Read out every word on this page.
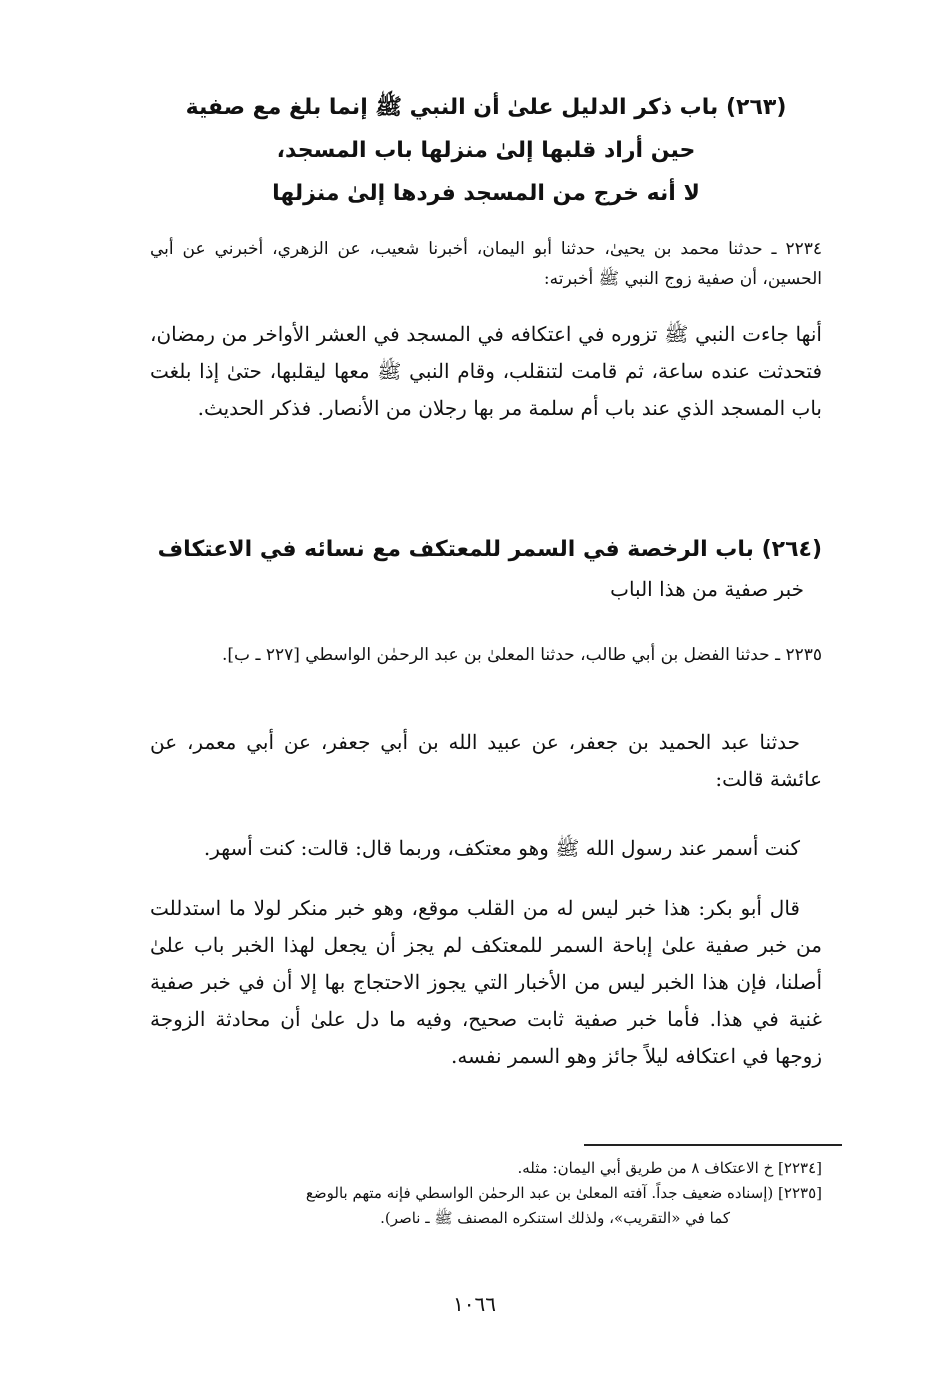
(٢٦٣) باب ذكر الدليل علىٰ أن النبي ﷺ إنما بلغ مع صفية

حين أراد قلبها إلىٰ منزلها باب المسجد،

لا أنه خرج من المسجد فردها إلىٰ منزلها

٢٢٣٤ ـ حدثنا محمد بن يحيىٰ، حدثنا أبو اليمان، أخبرنا شعيب، عن الزهري، أخبرني عن أبي الحسين، أن صفية زوج النبي ﷺ أخبرته:

أنها جاءت النبي ﷺ تزوره في اعتكافه في المسجد في العشر الأواخر من رمضان، فتحدثت عنده ساعة، ثم قامت لتنقلب، وقام النبي ﷺ معها ليقلبها، حتىٰ إذا بلغت باب المسجد الذي عند باب أم سلمة مر بها رجلان من الأنصار. فذكر الحديث.

(٢٦٤) باب الرخصة في السمر للمعتكف مع نسائه في الاعتكاف

خبر صفية من هذا الباب

٢٢٣٥ ـ حدثنا الفضل بن أبي طالب، حدثنا المعلىٰ بن عبد الرحمٰن الواسطي [٢٢٧ ـ ب].

حدثنا عبد الحميد بن جعفر، عن عبيد الله بن أبي جعفر، عن أبي معمر، عن عائشة قالت:

كنت أسمر عند رسول الله ﷺ وهو معتكف، وربما قال: قالت: كنت أسهر.

قال أبو بكر: هذا خبر ليس له من القلب موقع، وهو خبر منكر لولا ما استدللت من خبر صفية علىٰ إباحة السمر للمعتكف لم يجز أن يجعل لهذا الخبر باب علىٰ أصلنا، فإن هذا الخبر ليس من الأخبار التي يجوز الاحتجاج بها إلا أن في خبر صفية غنية في هذا. فأما خبر صفية ثابت صحيح، وفيه ما دل علىٰ أن محادثة الزوجة زوجها في اعتكافه ليلاً جائز وهو السمر نفسه.

[٢٢٣٤] خ الاعتكاف ٨ من طريق أبي اليمان: مثله.

[٢٢٣٥] (إسناده ضعيف جداً. آفته المعلىٰ بن عبد الرحمٰن الواسطي فإنه متهم بالوضع

كما في «التقريب»، ولذلك استنكره المصنف ﷺ ـ ناصر).

١٠٦٦
